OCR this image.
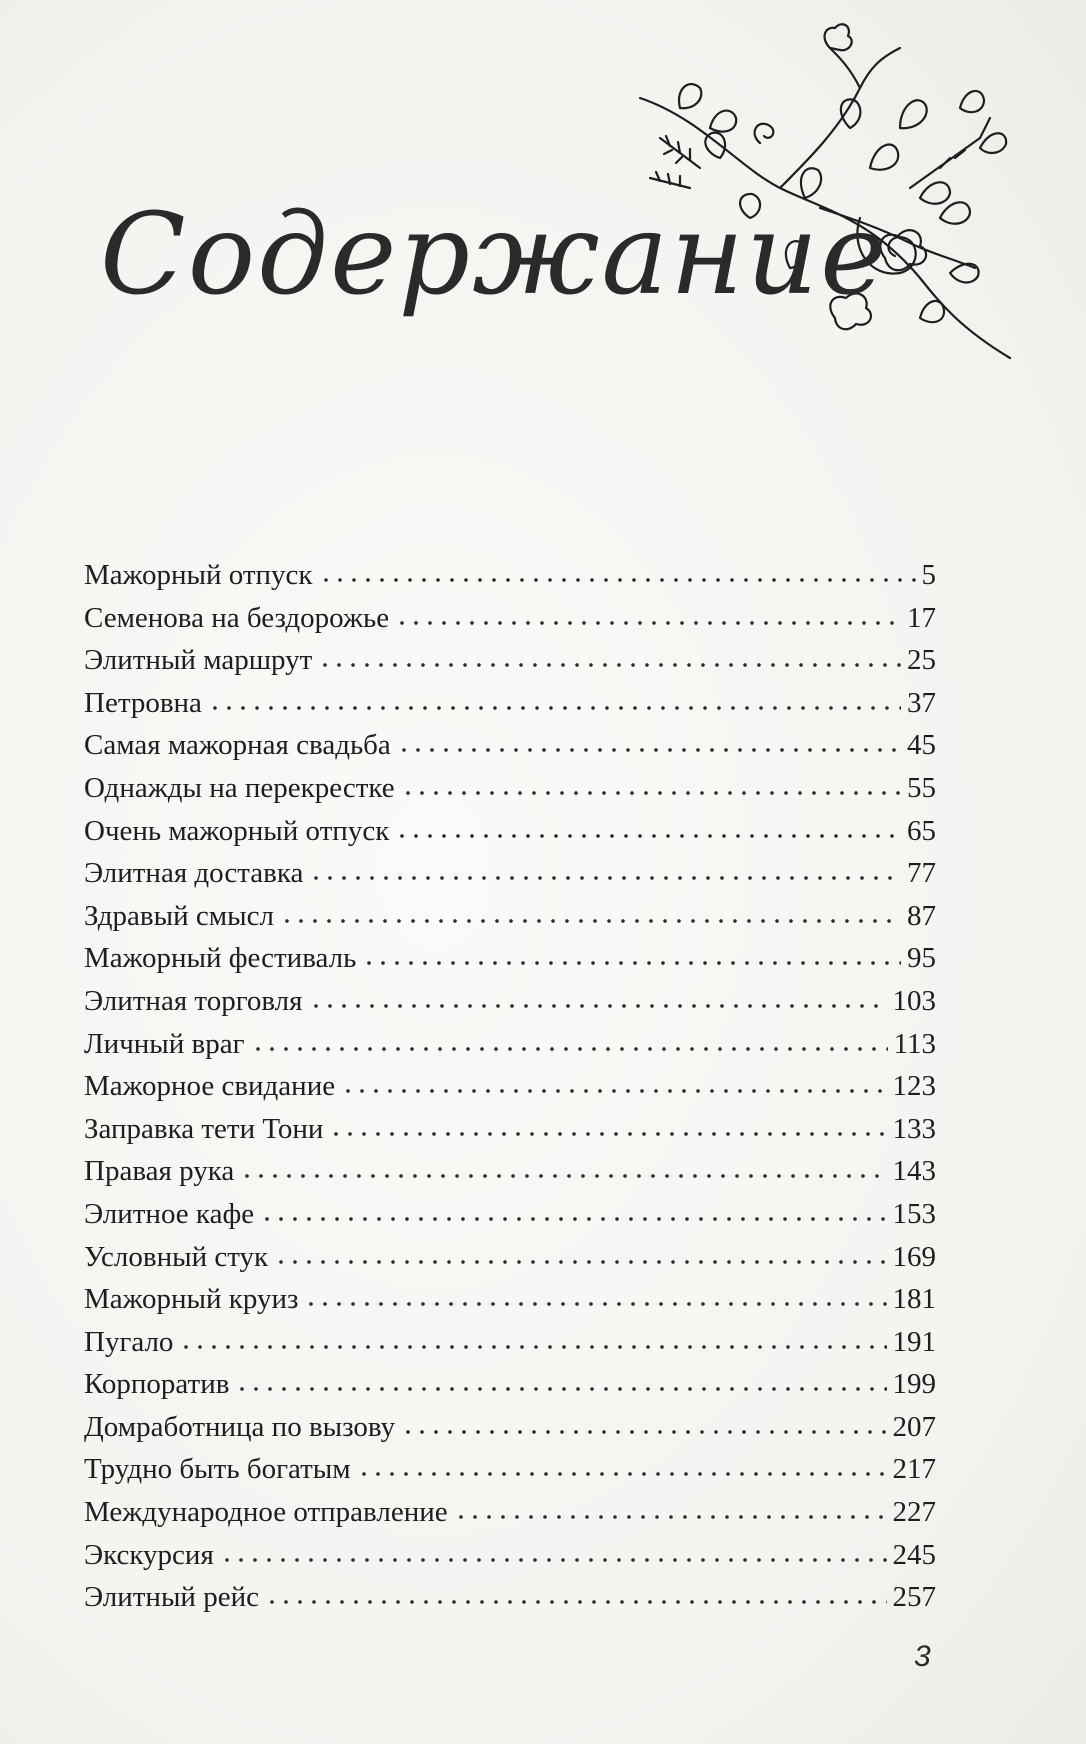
Содержание
Мажорный отпуск	5
Семенова на бездорожье	17
Элитный маршрут	25
Петровна	37
Самая мажорная свадьба	45
Однажды на перекрестке	55
Очень мажорный отпуск	65
Элитная доставка	77
Здравый смысл	87
Мажорный фестиваль	95
Элитная торговля	103
Личный враг	113
Мажорное свидание	123
Заправка тети Тони	133
Правая рука	143
Элитное кафе	153
Условный стук	169
Мажорный круиз	181
Пугало	191
Корпоратив	199
Домработница по вызову	207
Трудно быть богатым	217
Международное отправление	227
Экскурсия	245
Элитный рейс	257
3
